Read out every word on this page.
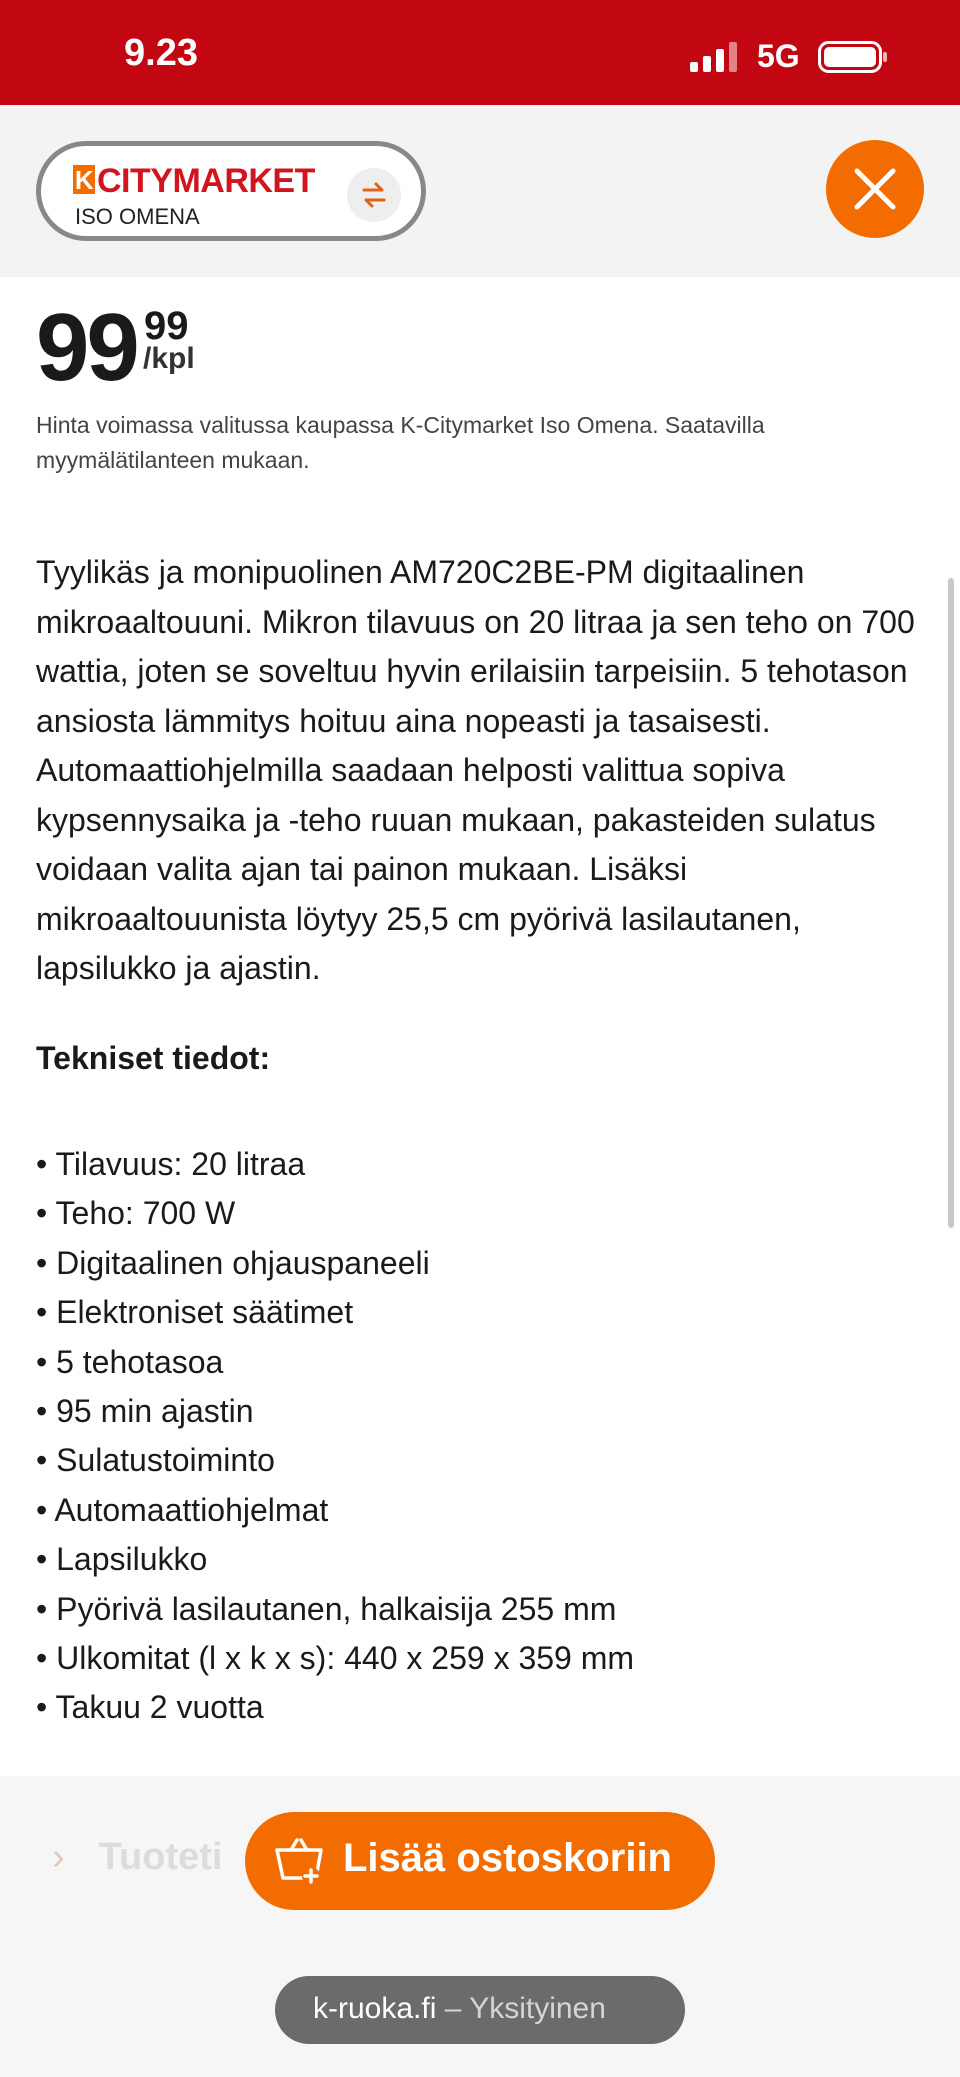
9.23	5G
K CITYMARKET
ISO OMENA
99 99
/kpl
Hinta voimassa valitussa kaupassa K-Citymarket Iso Omena. Saatavilla myymälätilanteen mukaan.
Tyylikäs ja monipuolinen AM720C2BE-PM digitaalinen mikroaaltouuni. Mikron tilavuus on 20 litraa ja sen teho on 700 wattia, joten se soveltuu hyvin erilaisiin tarpeisiin. 5 tehotason ansiosta lämmitys hoituu aina nopeasti ja tasaisesti. Automaattiohjelmilla saadaan helposti valittua sopiva kypsennysaika ja -teho ruuan mukaan, pakasteiden sulatus voidaan valita ajan tai painon mukaan. Lisäksi mikroaaltouunista löytyy 25,5 cm pyörivä lasilautanen, lapsilukko ja ajastin.
Tekniset tiedot:
• Tilavuus: 20 litraa
• Teho: 700 W
• Digitaalinen ohjauspaneeli
• Elektroniset säätimet
• 5 tehotasoa
• 95 min ajastin
• Sulatustoiminto
• Automaattiohjelmat
• Lapsilukko
• Pyörivä lasilautanen, halkaisija 255 mm
• Ulkomitat (l x k x s): 440 x 259 x 359 mm
• Takuu 2 vuotta
› Tuoteti	Lisää ostoskoriin
k-ruoka.fi – Yksityinen
